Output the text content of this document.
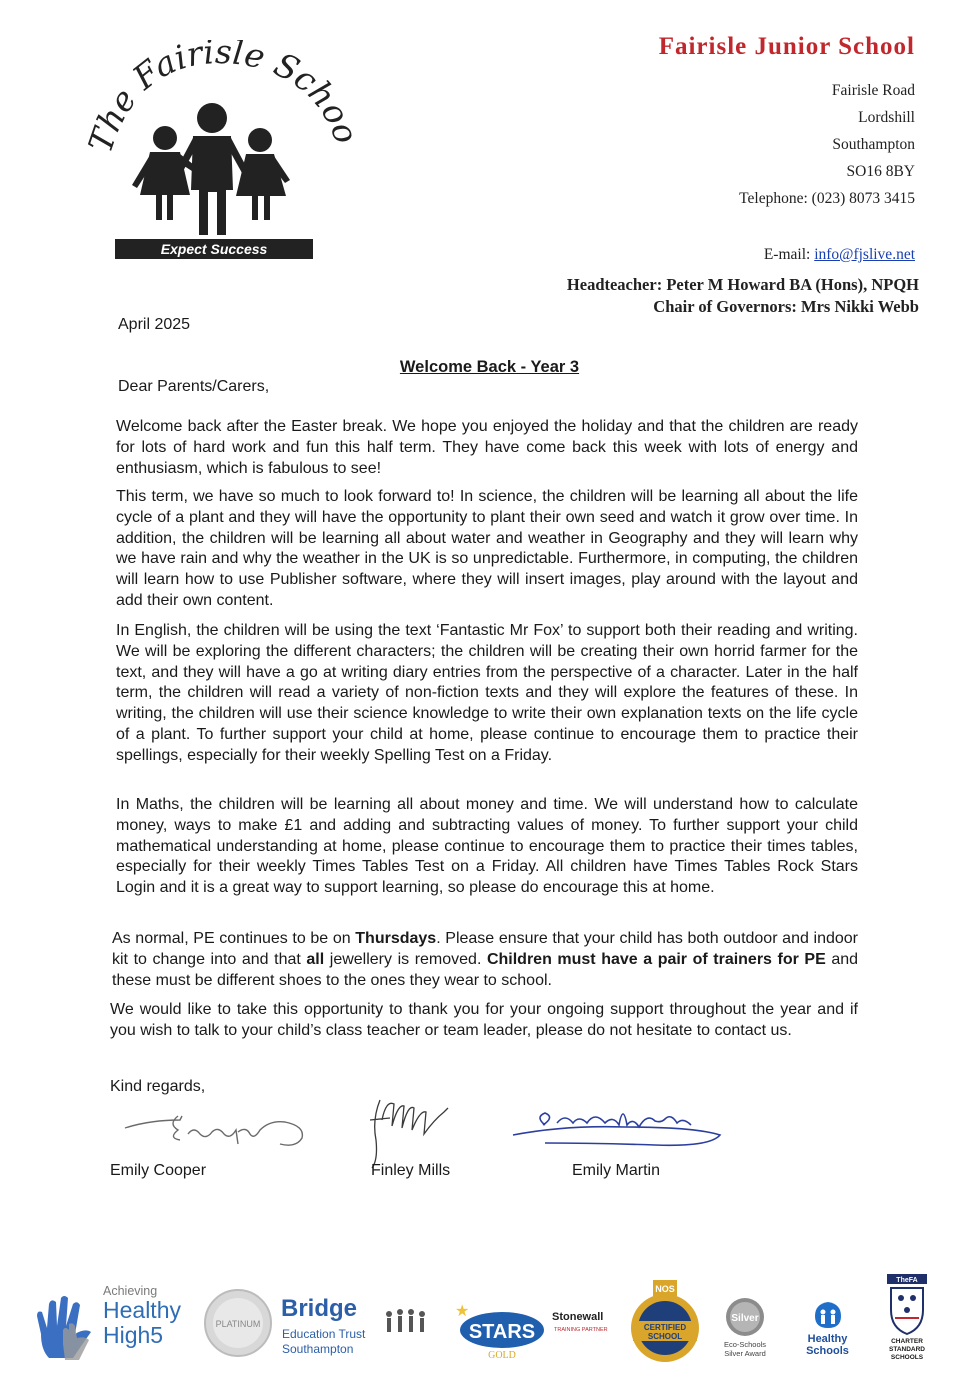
The Fairisle Scho
Expect Success
Fairisle Junior School
Fairisle Road
Lordshill
Southampton
SO16 8BY
Telephone: (023) 8073 3415
E-mail: info@fjslive.net
Headteacher: Peter M Howard BA (Hons), NPQH
Chair of Governors: Mrs Nikki Webb
April 2025
Welcome Back - Year 3
Dear Parents/Carers,
Welcome back after the Easter break. We hope you enjoyed the holiday and that the children are ready for lots of hard work and fun this half term. They have come back this week with lots of energy and enthusiasm, which is fabulous to see!
This term, we have so much to look forward to! In science, the children will be learning all about the life cycle of a plant and they will have the opportunity to plant their own seed and watch it grow over time. In addition, the children will be learning all about water and weather in Geography and they will learn why we have rain and why the weather in the UK is so unpredictable. Furthermore, in computing, the children will learn how to use Publisher software, where they will insert images, play around with the layout and add their own content.
In English, the children will be using the text ‘Fantastic Mr Fox’ to support both their reading and writing. We will be exploring the different characters; the children will be creating their own horrid farmer for the text, and they will have a go at writing diary entries from the perspective of a character. Later in the half term, the children will read a variety of non-fiction texts and they will explore the features of these. In writing, the children will use their science knowledge to write their own explanation texts on the life cycle of a plant. To further support your child at home, please continue to encourage them to practice their spellings, especially for their weekly Spelling Test on a Friday.
In Maths, the children will be learning all about money and time. We will understand how to calculate money, ways to make £1 and adding and subtracting values of money. To further support your child mathematical understanding at home, please continue to encourage them to practice their times tables, especially for their weekly Times Tables Test on a Friday. All children have Times Tables Rock Stars Login and it is a great way to support learning, so please do encourage this at home.
As normal, PE continues to be on Thursdays. Please ensure that your child has both outdoor and indoor kit to change into and that all jewellery is removed. Children must have a pair of trainers for PE and these must be different shoes to the ones they wear to school.
We would like to take this opportunity to thank you for your ongoing support throughout the year and if you wish to talk to your child’s class teacher or team leader, please do not hesitate to contact us.
Kind regards,
Emily Cooper	Finley Mills	Emily Martin
Achieving
Healthy
High5	PLATINUM
Bridge
Education Trust
Southampton
★
STARS
GOLD
Stonewall
TRAINING PARTNER
NOS
CERTIFIED
SCHOOL
Silver
Eco-Schools
Silver Award
Healthy Schools
TheFA
CHARTER
STANDARD
SCHOOLS
